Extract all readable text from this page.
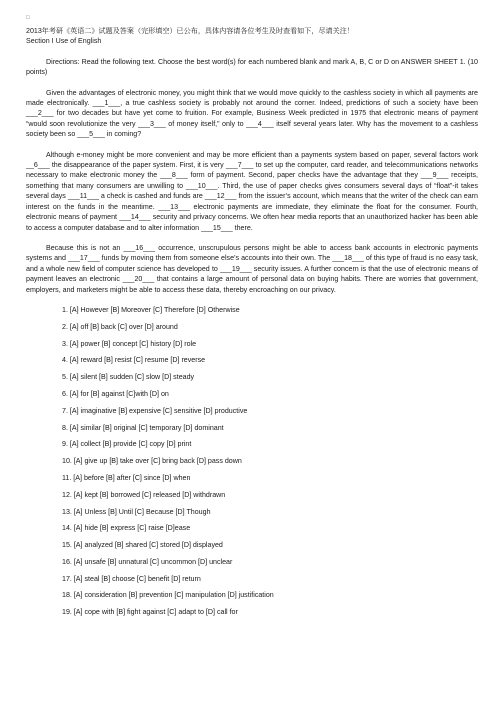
□
2013年考研《英语二》试题及答案（完形填空）已公布，具体内容请各位考生及时查看如下，尽请关注！
Section I Use of English
Directions: Read the following text. Choose the best word(s) for each numbered blank and mark A, B, C or D on ANSWER SHEET 1. (10 points)
Given the advantages of electronic money, you might think that we would move quickly to the cashless society in which all payments are made electronically. ___1___, a true cashless society is probably not around the corner. Indeed, predictions of such a society have been ___2___ for two decades but have yet come to fruition. For example, Business Week predicted in 1975 that electronic means of payment “would soon revolutionize the very ___3___ of money itself,” only to ___4___ itself several years later. Why has the movement to a cashless society been so ___5___ in coming?
Although e-money might be more convenient and may be more efficient than a payments system based on paper, several factors work __6___ the disappearance of the paper system. First, it is very ___7___ to set up the computer, card reader, and telecommunications networks necessary to make electronic money the ___8___ form of payment. Second, paper checks have the advantage that they ___9___ receipts, something that many consumers are unwilling to ___10___. Third, the use of paper checks gives consumers several days of “float”-it takes several days ___11___ a check is cashed and funds are ___12___ from the issuer’s account, which means that the writer of the check can earn interest on the funds in the meantime. ___13___ electronic payments are immediate, they eliminate the float for the consumer. Fourth, electronic means of payment ___14___ security and privacy concerns. We often hear media reports that an unauthorized hacker has been able to access a computer database and to alter information ___15___ there.
Because this is not an ___16___ occurrence, unscrupulous persons might be able to access bank accounts in electronic payments systems and ___17___ funds by moving them from someone else’s accounts into their own. The ___18___ of this type of fraud is no easy task, and a whole new field of computer science has developed to ___19___ security issues. A further concern is that the use of electronic means of payment leaves an electronic ___20___ that contains a large amount of personal data on buying habits. There are worries that government, employers, and marketers might be able to access these data, thereby encroaching on our privacy.
1. [A] However [B] Moreover [C] Therefore [D] Otherwise
2. [A] off [B] back [C] over [D] around
3. [A] power [B] concept [C] history [D] role
4. [A] reward [B] resist [C] resume [D] reverse
5. [A] silent [B] sudden [C] slow [D] steady
6. [A] for [B] against [C]with [D] on
7. [A] imaginative [B] expensive [C] sensitive [D] productive
8. [A] similar [B] original [C] temporary [D] dominant
9. [A] collect [B] provide [C] copy [D] print
10. [A] give up [B] take over [C] bring back [D] pass down
11. [A] before [B] after [C] since [D] when
12. [A] kept [B] borrowed [C] released [D] withdrawn
13. [A] Unless [B] Until [C] Because [D] Though
14. [A] hide [B] express [C] raise [D]ease
15. [A] analyzed [B] shared [C] stored [D] displayed
16. [A] unsafe [B] unnatural [C] uncommon [D] unclear
17. [A] steal [B] choose [C] benefit [D] return
18. [A] consideration [B] prevention [C] manipulation [D] justification
19. [A] cope with [B] fight against [C] adapt to [D] call for
